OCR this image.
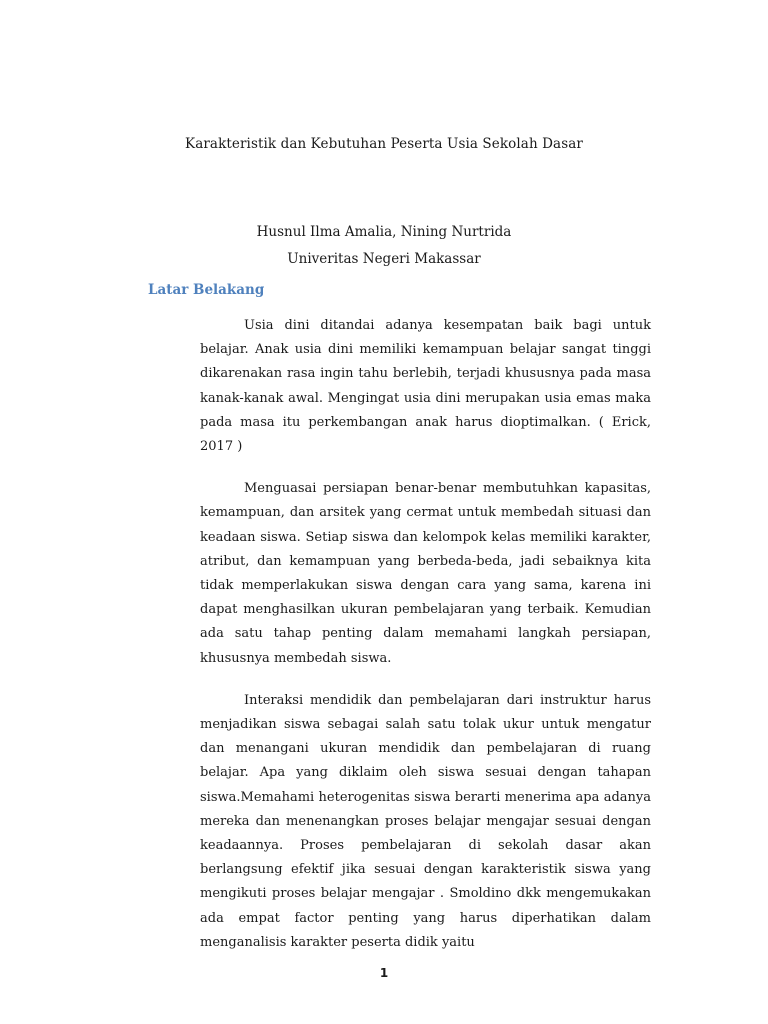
Karakteristik dan Kebutuhan Peserta Usia Sekolah Dasar
Husnul Ilma Amalia, Nining Nurtrida
Univeritas Negeri Makassar
Latar Belakang

Usia dini ditandai adanya kesempatan baik bagi untuk belajar. Anak usia dini memiliki kemampuan belajar sangat tinggi dikarenakan rasa ingin tahu berlebih, terjadi khususnya pada masa kanak-kanak awal. Mengingat usia dini merupakan usia emas maka pada masa itu perkembangan anak harus dioptimalkan. ( Erick, 2017 )

Menguasai persiapan benar-benar membutuhkan kapasitas, kemampuan, dan arsitek yang cermat untuk membedah situasi dan keadaan siswa. Setiap siswa dan kelompok kelas memiliki karakter, atribut, dan kemampuan yang berbeda-beda, jadi sebaiknya kita tidak memperlakukan siswa dengan cara yang sama, karena ini dapat menghasilkan ukuran pembelajaran yang terbaik. Kemudian ada satu tahap penting dalam memahami langkah persiapan, khususnya membedah siswa.

Interaksi mendidik dan pembelajaran dari instruktur harus menjadikan siswa sebagai salah satu tolak ukur untuk mengatur dan menangani ukuran mendidik dan pembelajaran di ruang belajar. Apa yang diklaim oleh siswa sesuai dengan tahapan siswa.Memahami heterogenitas siswa berarti menerima apa adanya mereka dan menenangkan proses belajar mengajar sesuai dengan keadaannya. Proses pembelajaran di sekolah dasar akan berlangsung efektif jika sesuai dengan karakteristik siswa yang mengikuti proses belajar mengajar . Smoldino dkk mengemukakan ada empat factor penting yang harus diperhatikan dalam menganalisis karakter peserta didik yaitu

1
